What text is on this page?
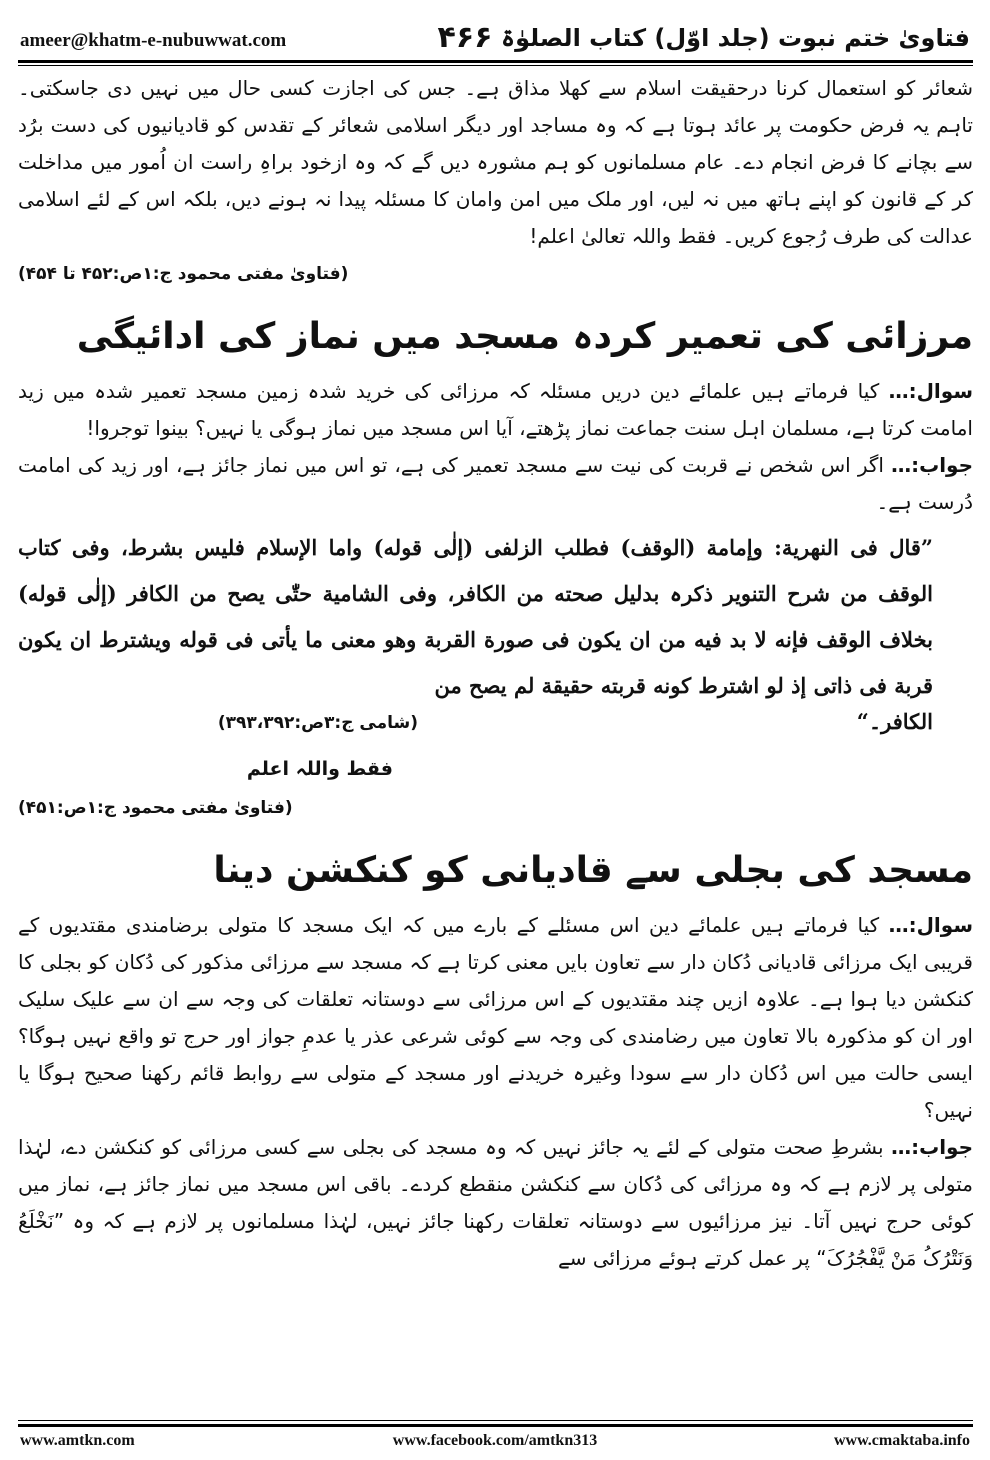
ameer@khatm-e-nubuwwat.com	۴۶۶ فتاویٰ ختم نبوت (جلد اوّل) کتاب الصلوٰۃ

شعائر کو استعمال کرنا درحقیقت اسلام سے کھلا مذاق ہے۔ جس کی اجازت کسی حال میں نہیں دی جاسکتی۔ تاہم یہ فرض حکومت پر عائد ہوتا ہے کہ وہ مساجد اور دیگر اسلامی شعائر کے تقدس کو قادیانیوں کی دست برُد سے بچانے کا فرض انجام دے۔ عام مسلمانوں کو ہم مشورہ دیں گے کہ وہ ازخود براہِ راست ان اُمور میں مداخلت کر کے قانون کو اپنے ہاتھ میں نہ لیں، اور ملک میں امن وامان کا مسئلہ پیدا نہ ہونے دیں، بلکہ اس کے لئے اسلامی عدالت کی طرف رُجوع کریں۔ فقط واللہ تعالیٰ اعلم!

(فتاویٰ مفتی محمود ج:۱ص:۴۵۲ تا ۴۵۴)

مرزائی کی تعمیر کردہ مسجد میں نماز کی ادائیگی

سوال:… کیا فرماتے ہیں علمائے دین دریں مسئلہ کہ مرزائی کی خرید شدہ زمین مسجد تعمیر شدہ میں زید امامت کرتا ہے، مسلمان اہل سنت جماعت نماز پڑھتے، آیا اس مسجد میں نماز ہوگی یا نہیں؟ بینوا توجروا!

جواب:… اگر اس شخص نے قربت کی نیت سے مسجد تعمیر کی ہے، تو اس میں نماز جائز ہے، اور زید کی امامت دُرست ہے۔

”قال فی النھریة: وإمامة (الوقف) فطلب الزلفی (إلٰی قوله) واما الإسلام فلیس بشرط، وفی کتاب الوقف من شرح التنویر ذکرہ بدلیل صحته من الکافر، وفی الشامیة حتّٰی یصح من الکافر (إلٰی قوله) بخلاف الوقف فإنه لا بد فیه من ان یکون فی صورة القربة وھو معنی ما یأتی فی قوله ویشترط ان یکون قربة فی ذاتی إذ لو اشترط کونه قربته حقیقة لم یصح من

الکافر۔“
(شامی ج:۳ص:۳۹۳،۳۹۲)

فقط واللہ اعلم

(فتاویٰ مفتی محمود ج:۱ص:۴۵۱)

مسجد کی بجلی سے قادیانی کو کنکشن دینا

سوال:… کیا فرماتے ہیں علمائے دین اس مسئلے کے بارے میں کہ ایک مسجد کا متولی برضامندی مقتدیوں کے قریبی ایک مرزائی قادیانی دُکان دار سے تعاون بایں معنی کرتا ہے کہ مسجد سے مرزائی مذکور کی دُکان کو بجلی کا کنکشن دیا ہوا ہے۔ علاوہ ازیں چند مقتدیوں کے اس مرزائی سے دوستانہ تعلقات کی وجہ سے ان سے علیک سلیک اور ان کو مذکورہ بالا تعاون میں رضامندی کی وجہ سے کوئی شرعی عذر یا عدمِ جواز اور حرج تو واقع نہیں ہوگا؟ ایسی حالت میں اس دُکان دار سے سودا وغیرہ خریدنے اور مسجد کے متولی سے روابط قائم رکھنا صحیح ہوگا یا نہیں؟

جواب:… بشرطِ صحت متولی کے لئے یہ جائز نہیں کہ وہ مسجد کی بجلی سے کسی مرزائی کو کنکشن دے، لہٰذا متولی پر لازم ہے کہ وہ مرزائی کی دُکان سے کنکشن منقطع کردے۔ باقی اس مسجد میں نماز جائز ہے، نماز میں کوئی حرج نہیں آتا۔ نیز مرزائیوں سے دوستانہ تعلقات رکھنا جائز نہیں، لہٰذا مسلمانوں پر لازم ہے کہ وہ ”نَخْلَعُ وَنَتْرُکُ مَنْ یَّفْجُرُکَ“ پر عمل کرتے ہوئے مرزائی سے

www.amtkn.com	www.facebook.com/amtkn313	www.cmaktaba.info
